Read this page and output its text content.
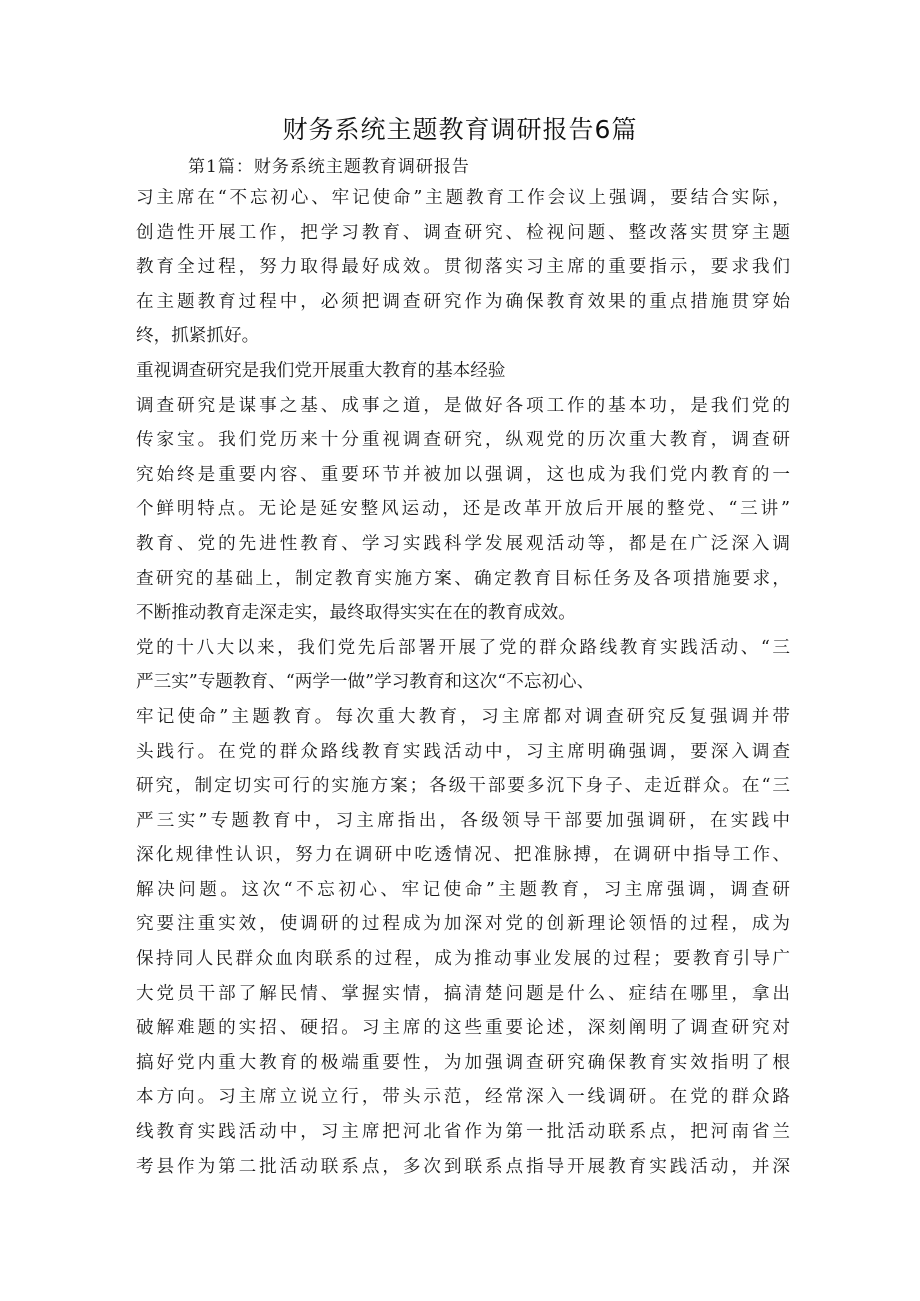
财务系统主题教育调研报告6篇

第1篇：财务系统主题教育调研报告

习主席在“不忘初心、牢记使命”主题教育工作会议上强调，要结合实际，
创造性开展工作，把学习教育、调查研究、检视问题、整改落实贯穿主题
教育全过程，努力取得最好成效。贯彻落实习主席的重要指示，要求我们
在主题教育过程中，必须把调查研究作为确保教育效果的重点措施贯穿始
终，抓紧抓好。
重视调查研究是我们党开展重大教育的基本经验
调查研究是谋事之基、成事之道，是做好各项工作的基本功，是我们党的
传家宝。我们党历来十分重视调查研究，纵观党的历次重大教育，调查研
究始终是重要内容、重要环节并被加以强调，这也成为我们党内教育的一
个鲜明特点。无论是延安整风运动，还是改革开放后开展的整党、“三讲”
教育、党的先进性教育、学习实践科学发展观活动等，都是在广泛深入调
查研究的基础上，制定教育实施方案、确定教育目标任务及各项措施要求，
不断推动教育走深走实，最终取得实实在在的教育成效。
党的十八大以来，我们党先后部署开展了党的群众路线教育实践活动、“三
严三实”专题教育、“两学一做”学习教育和这次“不忘初心、
牢记使命”主题教育。每次重大教育，习主席都对调查研究反复强调并带
头践行。在党的群众路线教育实践活动中，习主席明确强调，要深入调查
研究，制定切实可行的实施方案；各级干部要多沉下身子、走近群众。在“三
严三实”专题教育中，习主席指出，各级领导干部要加强调研，在实践中
深化规律性认识，努力在调研中吃透情况、把准脉搏，在调研中指导工作、
解决问题。这次“不忘初心、牢记使命”主题教育，习主席强调，调查研
究要注重实效，使调研的过程成为加深对党的创新理论领悟的过程，成为
保持同人民群众血肉联系的过程，成为推动事业发展的过程；要教育引导广
大党员干部了解民情、掌握实情，搞清楚问题是什么、症结在哪里，拿出
破解难题的实招、硬招。习主席的这些重要论述，深刻阐明了调查研究对
搞好党内重大教育的极端重要性，为加强调查研究确保教育实效指明了根
本方向。习主席立说立行，带头示范，经常深入一线调研。在党的群众路
线教育实践活动中，习主席把河北省作为第一批活动联系点，把河南省兰
考县作为第二批活动联系点，多次到联系点指导开展教育实践活动，并深
